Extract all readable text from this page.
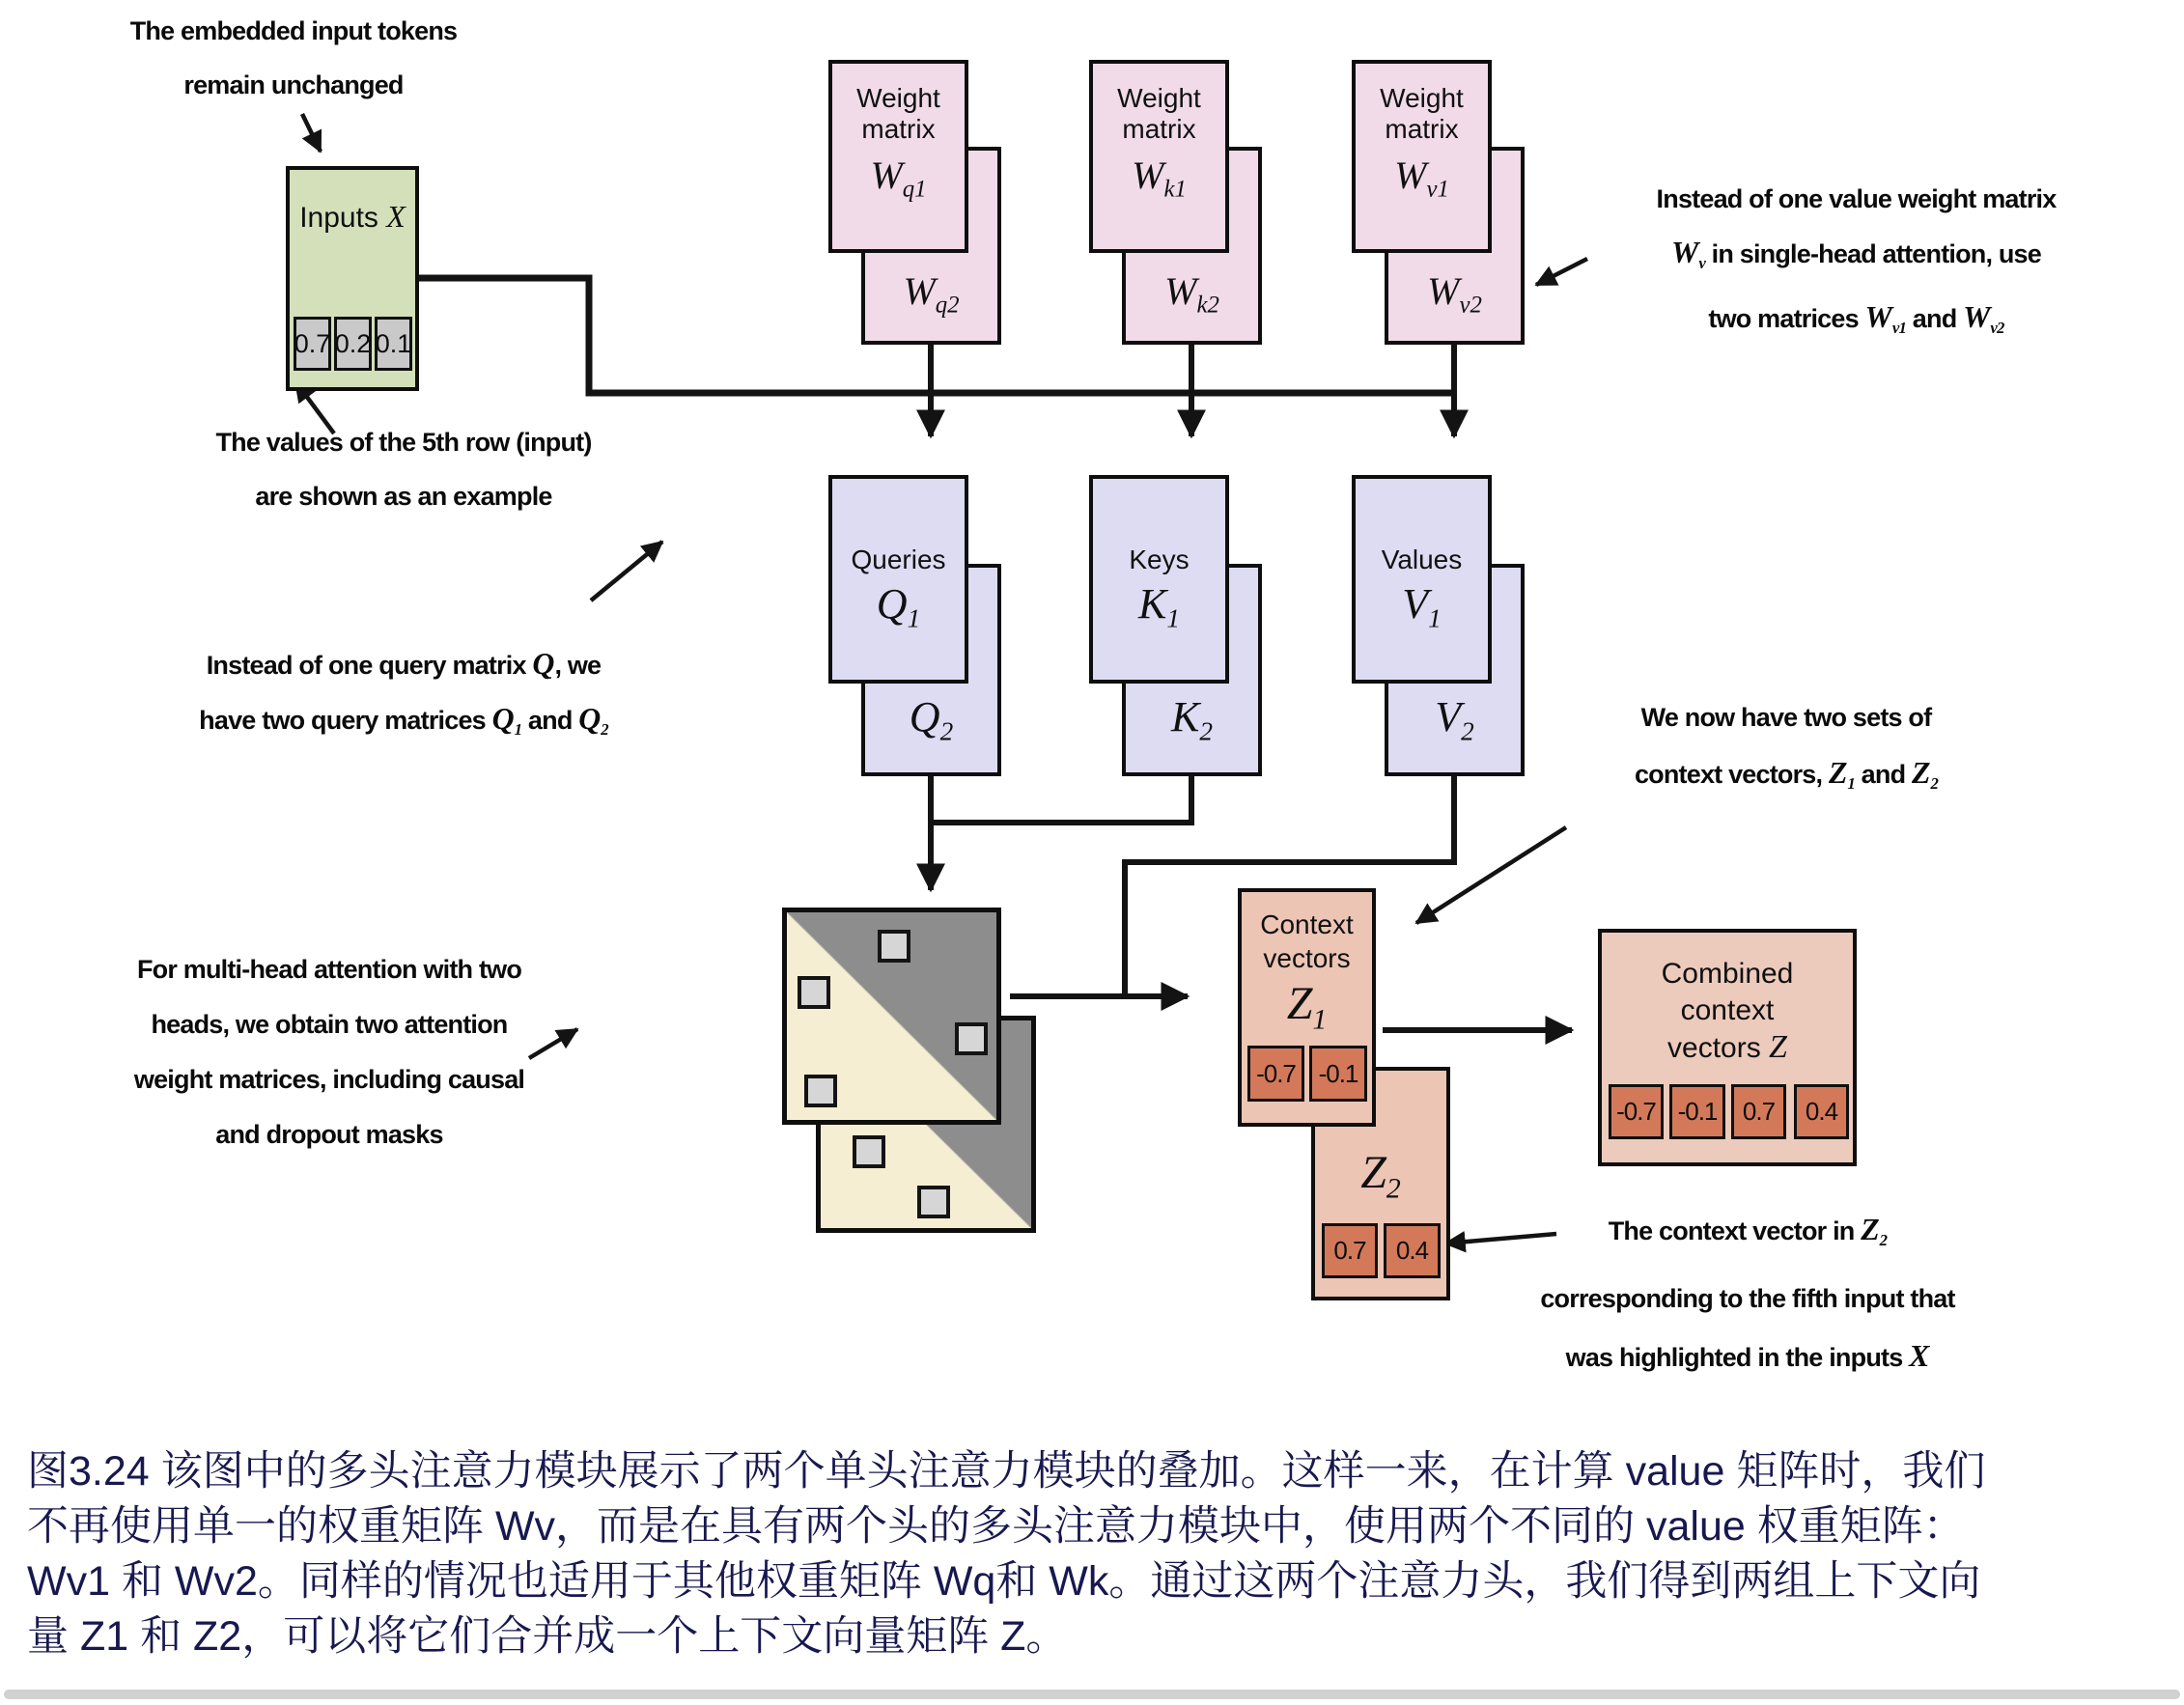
The embedded input tokens
remain unchanged
Inputs X
0.7 0.2 0.1
$W_{q2}$
Weight
matrix
$W_{q1}$
$W_{k2}$
Weight
matrix
$W_{k1}$
$W_{v2}$
Weight
matrix
$W_{v1}$	Instead of one value weight matrix
$W_v$ in single-head attention, use
two matrices $W_{v1}$ and $W_{v2}$
The values of the 5th row (input)
are shown as an example
$Q_2$
Queries
$Q_1$
$K_2$
Keys
$K_1$
$V_2$
Values
$V_1$
Instead of one query matrix Q, we
have two query matrices $Q_1$ and $Q_2$	We now have two sets of
context vectors, $Z_1$ and $Z_2$
For multi-head attention with two
heads, we obtain two attention
weight matrices, including causal
and dropout masks
$Z_2$
0.7	0.4
Context
vectors
$Z_1$
-0.7 -0.1
Combined
context
vectors Z
-0.7 -0.1	0.7	0.4
The context vector in $Z_2$
corresponding to the fifth input that
was highlighted in the inputs X
图3.24 该图中的多头注意力模块展示了两个单头注意力模块的叠加。这样一来，在计算 value 矩阵时，我们
不再使用单一的权重矩阵 Wv，而是在具有两个头的多头注意力模块中，使用两个不同的 value 权重矩阵：
Wv1 和 Wv2。同样的情况也适用于其他权重矩阵 Wq和 Wk。通过这两个注意力头，我们得到两组上下文向
量 Z1 和 Z2，可以将它们合并成一个上下文向量矩阵 Z。
